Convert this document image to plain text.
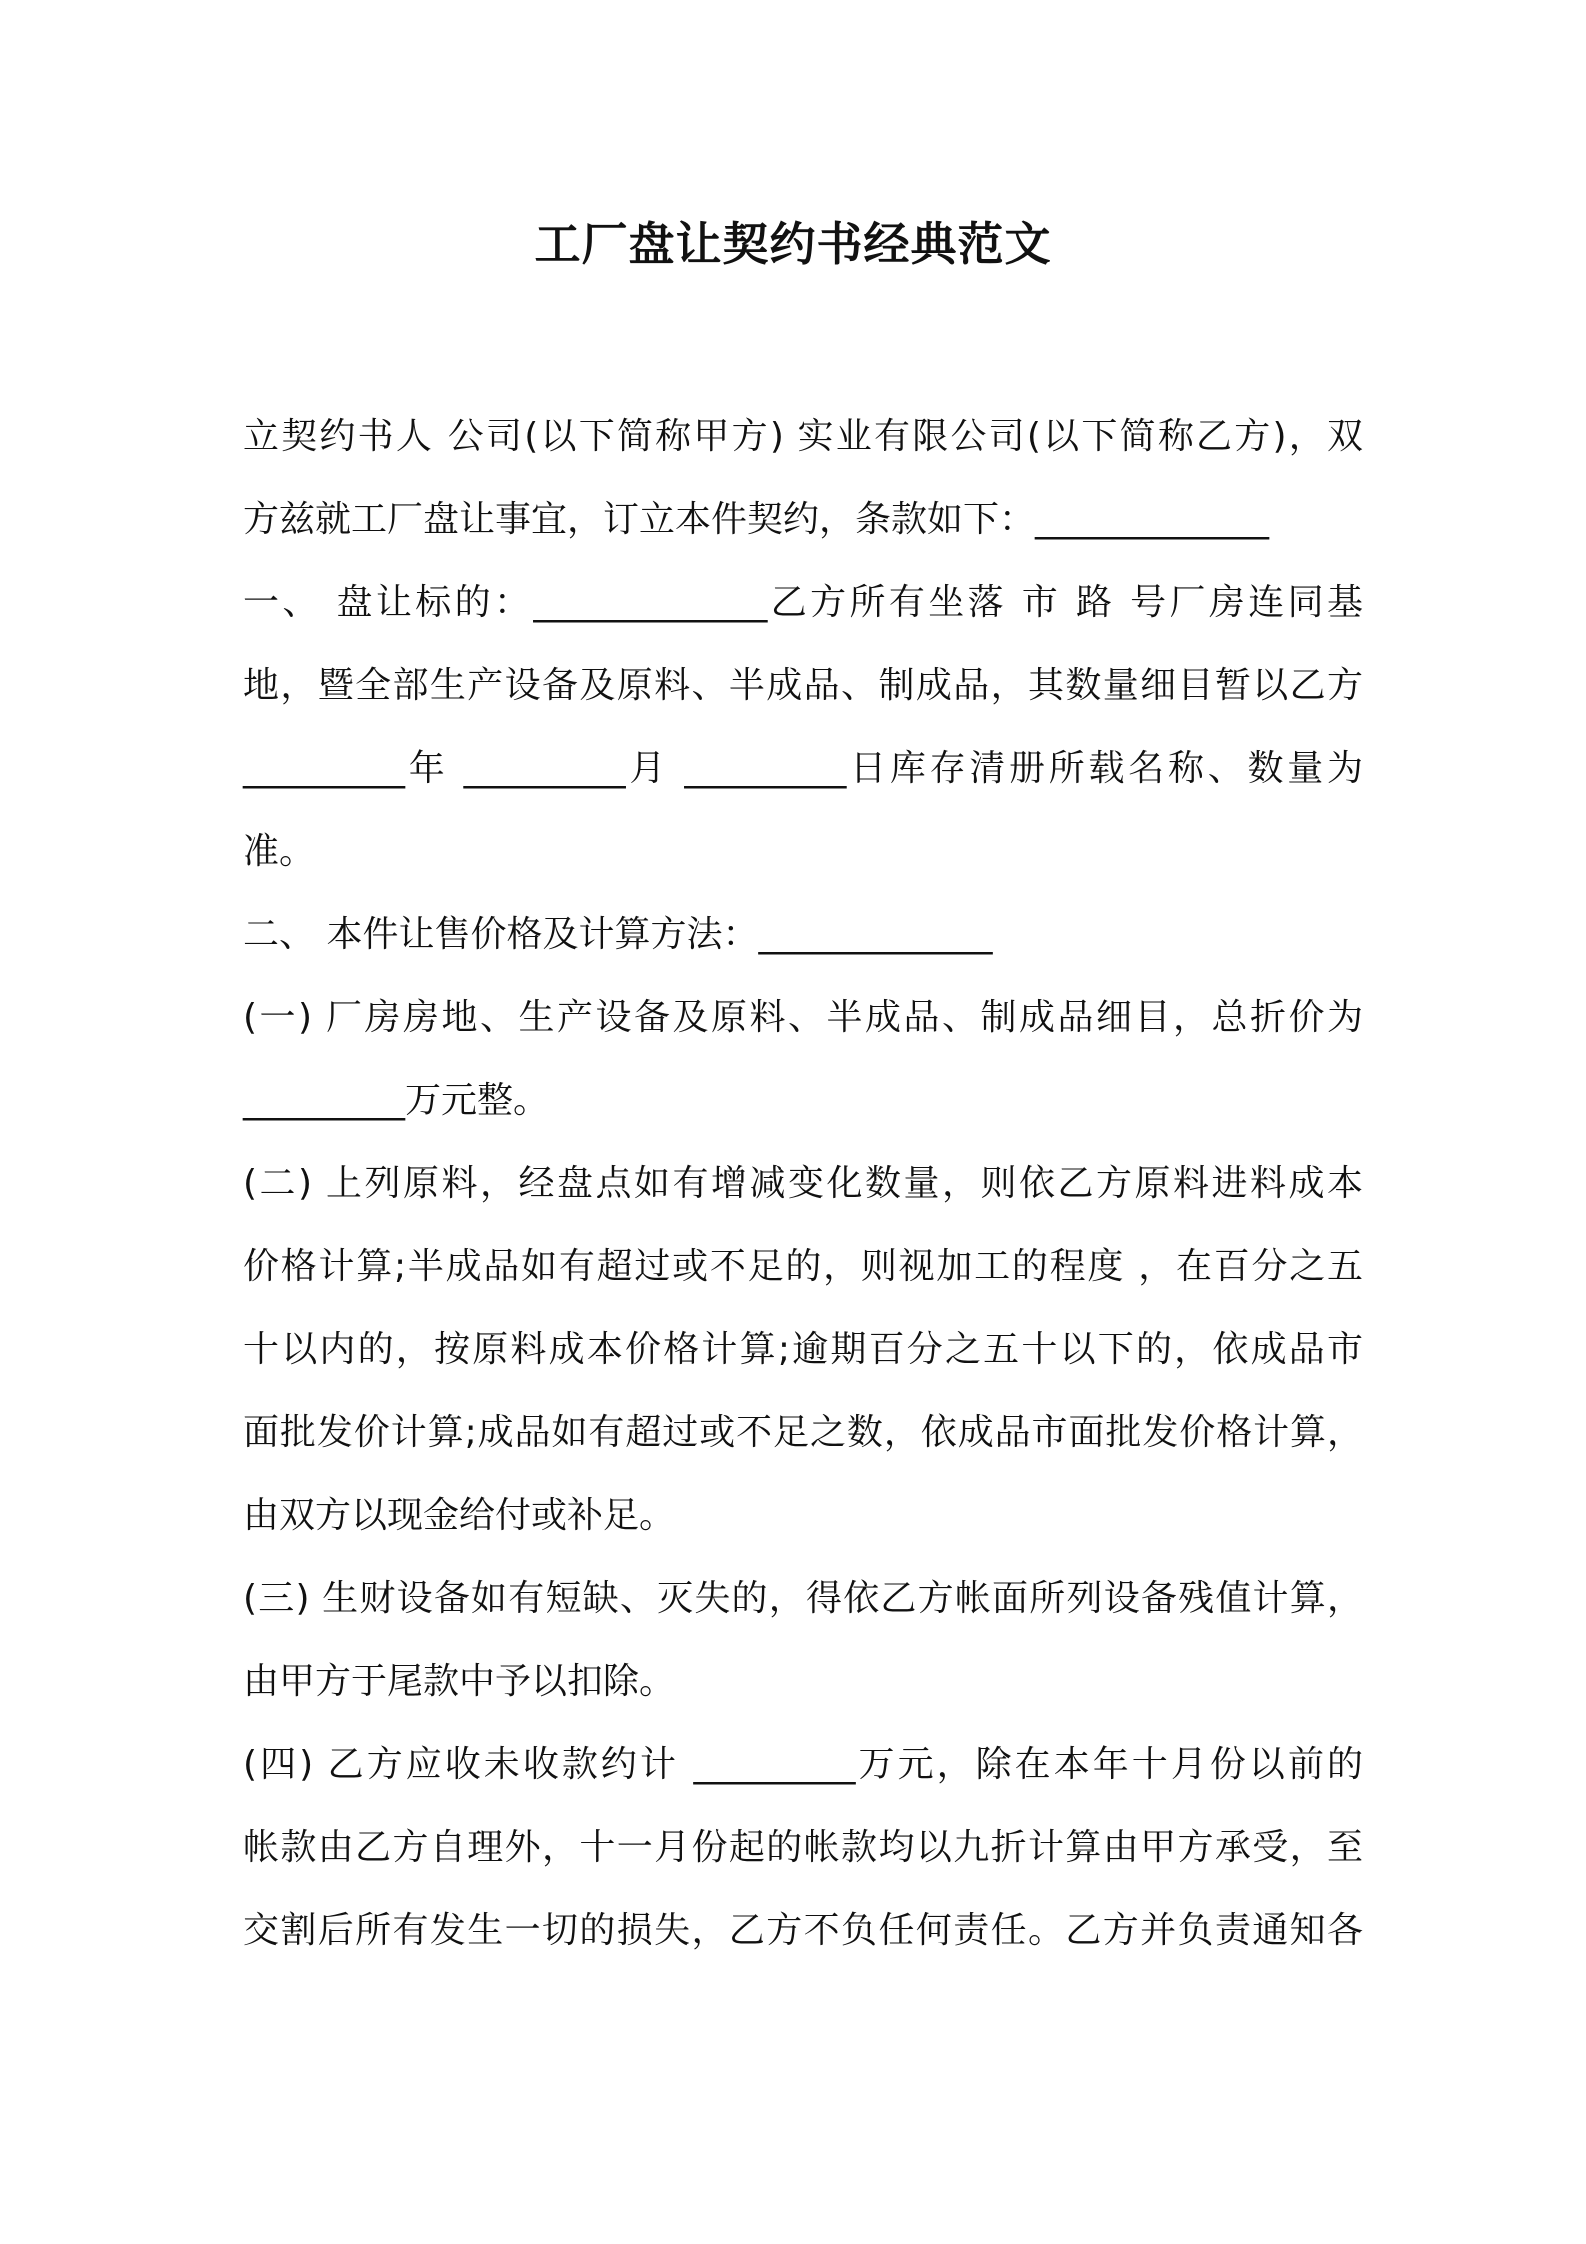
工厂盘让契约书经典范文
立契约书人 公司(以下简称甲方) 实业有限公司(以下简称乙方)，双
方兹就工厂盘让事宜，订立本件契约，条款如下：_____________
一、 盘让标的：_____________乙方所有坐落 市 路 号厂房连同基
地，暨全部生产设备及原料、半成品、制成品，其数量细目暂以乙方
_________年 _________月 _________日库存清册所载名称、数量为
准。
二、 本件让售价格及计算方法：_____________
(一) 厂房房地、生产设备及原料、半成品、制成品细目，总折价为
_________万元整。
(二) 上列原料，经盘点如有增减变化数量，则依乙方原料进料成本
价格计算;半成品如有超过或不足的，则视加工的程度 ，在百分之五
十以内的，按原料成本价格计算;逾期百分之五十以下的，依成品市
面批发价计算;成品如有超过或不足之数，依成品市面批发价格计算，
由双方以现金给付或补足。
(三) 生财设备如有短缺、灭失的，得依乙方帐面所列设备残值计算，
由甲方于尾款中予以扣除。
(四) 乙方应收未收款约计 _________万元，除在本年十月份以前的
帐款由乙方自理外，十一月份起的帐款均以九折计算由甲方承受，至
交割后所有发生一切的损失，乙方不负任何责任。乙方并负责通知各
